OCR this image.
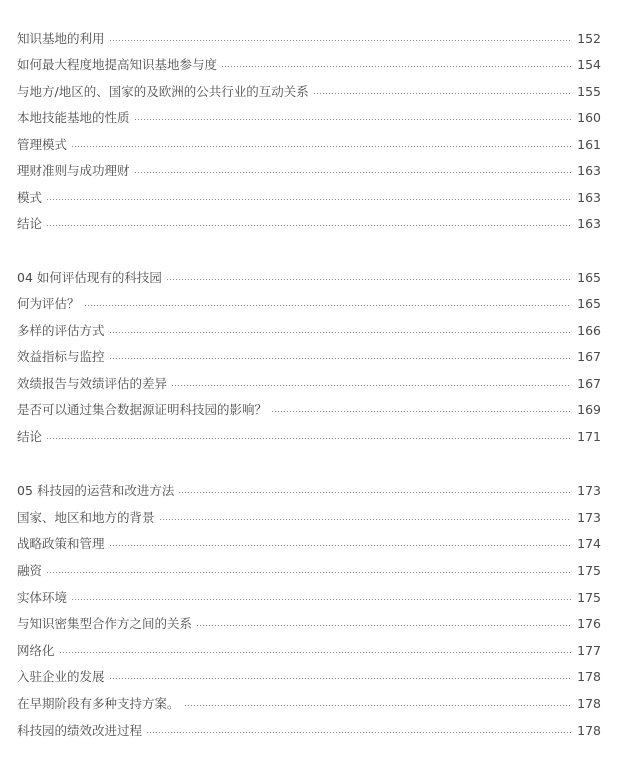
知识基地的利用	152
如何最大程度地提高知识基地参与度	154
与地方/地区的、国家的及欧洲的公共行业的互动关系	155
本地技能基地的性质	160
管理模式	161
理财准则与成功理财	163
模式	163
结论	163
04 如何评估现有的科技园	165
何为评估？	165
多样的评估方式	166
效益指标与监控	167
效绩报告与效绩评估的差异	167
是否可以通过集合数据源证明科技园的影响？	169
结论	171
05 科技园的运营和改进方法	173
国家、地区和地方的背景	173
战略政策和管理	174
融资	175
实体环境	175
与知识密集型合作方之间的关系	176
网络化	177
入驻企业的发展	178
在早期阶段有多种支持方案。	178
科技园的绩效改进过程	178
